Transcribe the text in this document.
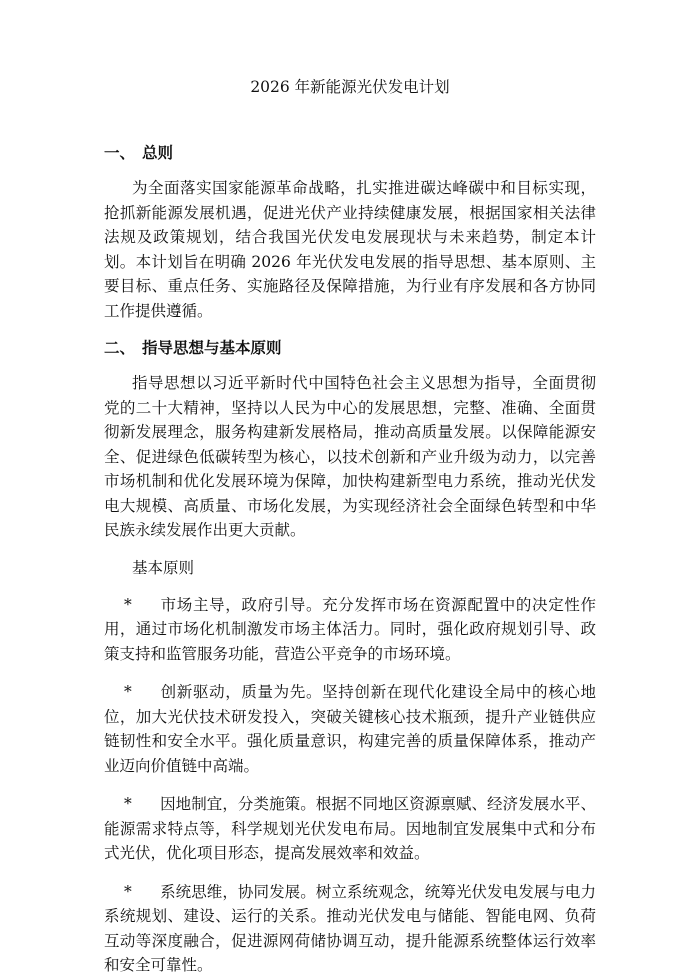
2026 年新能源光伏发电计划
一、 总则

为全面落实国家能源革命战略，扎实推进碳达峰碳中和目标实现，抢抓新能源发展机遇，促进光伏产业持续健康发展，根据国家相关法律法规及政策规划，结合我国光伏发电发展现状与未来趋势，制定本计划。本计划旨在明确 2026 年光伏发电发展的指导思想、基本原则、主要目标、重点任务、实施路径及保障措施，为行业有序发展和各方协同工作提供遵循。

二、 指导思想与基本原则

指导思想以习近平新时代中国特色社会主义思想为指导，全面贯彻党的二十大精神，坚持以人民为中心的发展思想，完整、准确、全面贯彻新发展理念，服务构建新发展格局，推动高质量发展。以保障能源安全、促进绿色低碳转型为核心，以技术创新和产业升级为动力，以完善市场机制和优化发展环境为保障，加快构建新型电力系统，推动光伏发电大规模、高质量、市场化发展，为实现经济社会全面绿色转型和中华民族永续发展作出更大贡献。

基本原则

* 市场主导，政府引导。充分发挥市场在资源配置中的决定性作用，通过市场化机制激发市场主体活力。同时，强化政府规划引导、政策支持和监管服务功能，营造公平竞争的市场环境。

* 创新驱动，质量为先。坚持创新在现代化建设全局中的核心地位，加大光伏技术研发投入，突破关键核心技术瓶颈，提升产业链供应链韧性和安全水平。强化质量意识，构建完善的质量保障体系，推动产业迈向价值链中高端。

* 因地制宜，分类施策。根据不同地区资源禀赋、经济发展水平、能源需求特点等，科学规划光伏发电布局。因地制宜发展集中式和分布式光伏，优化项目形态，提高发展效率和效益。

* 系统思维，协同发展。树立系统观念，统筹光伏发电发展与电力系统规划、建设、运行的关系。推动光伏发电与储能、智能电网、负荷互动等深度融合，促进源网荷储协调互动，提升能源系统整体运行效率和安全可靠性。
